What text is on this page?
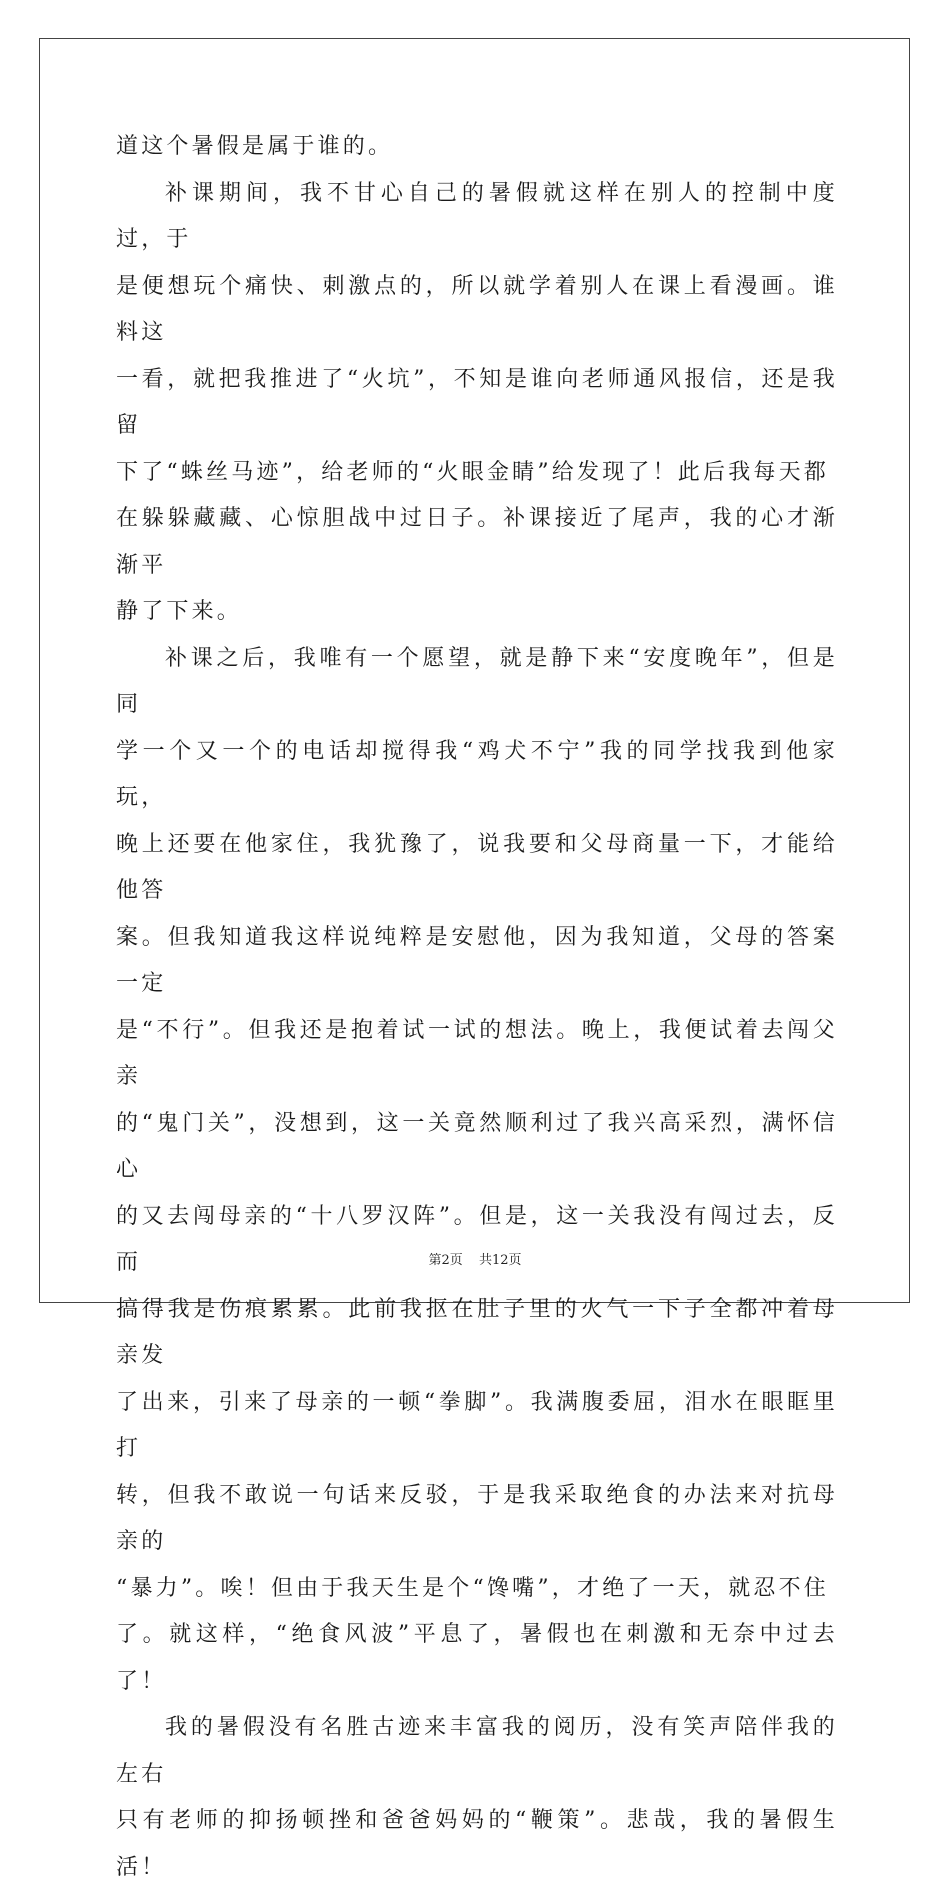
道这个暑假是属于谁的。

补课期间，我不甘心自己的暑假就这样在别人的控制中度过，于
是便想玩个痛快、刺激点的，所以就学着别人在课上看漫画。谁料这
一看，就把我推进了“火坑”，不知是谁向老师通风报信，还是我留
下了“蛛丝马迹”，给老师的“火眼金睛”给发现了！此后我每天都
在躲躲藏藏、心惊胆战中过日子。补课接近了尾声，我的心才渐渐平
静了下来。

补课之后，我唯有一个愿望，就是静下来“安度晚年”，但是同
学一个又一个的电话却搅得我“鸡犬不宁”我的同学找我到他家玩，
晚上还要在他家住，我犹豫了，说我要和父母商量一下，才能给他答
案。但我知道我这样说纯粹是安慰他，因为我知道，父母的答案一定
是“不行”。但我还是抱着试一试的想法。晚上，我便试着去闯父亲
的“鬼门关”，没想到，这一关竟然顺利过了我兴高采烈，满怀信心
的又去闯母亲的“十八罗汉阵”。但是，这一关我没有闯过去，反而
搞得我是伤痕累累。此前我抠在肚子里的火气一下子全都冲着母亲发
了出来，引来了母亲的一顿“拳脚”。我满腹委屈，泪水在眼眶里打
转，但我不敢说一句话来反驳，于是我采取绝食的办法来对抗母亲的
“暴力”。唉！但由于我天生是个“馋嘴”，才绝了一天，就忍不住
了。就这样，“绝食风波”平息了，暑假也在刺激和无奈中过去了！

我的暑假没有名胜古迹来丰富我的阅历，没有笑声陪伴我的左右
只有老师的抑扬顿挫和爸爸妈妈的“鞭策”。悲哉，我的暑假生活！

第2页 共12页
